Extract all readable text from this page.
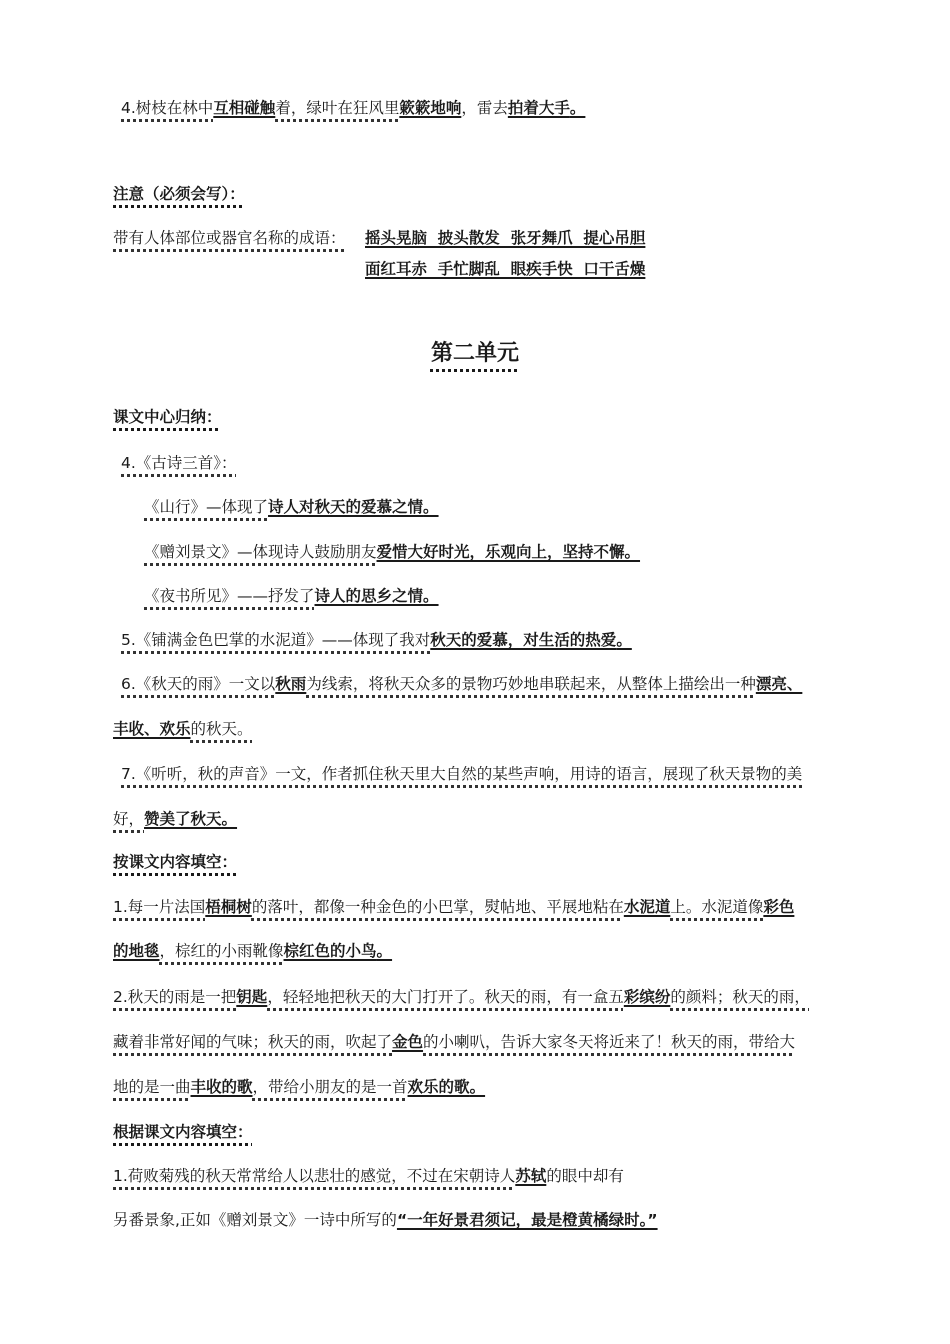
4.树枝在林中互相碰触着，绿叶在狂风里簌簌地响，雷去拍着大手。
注意（必须会写）：
带有人体部位或器官名称的成语： 摇头晃脑  披头散发  张牙舞爪  提心吊胆
面红耳赤  手忙脚乱  眼疾手快  口干舌燥
第二单元
课文中心归纳：
4.《古诗三首》：
《山行》—体现了诗人对秋天的爱慕之情。
《赠刘景文》—体现诗人鼓励朋友爱惜大好时光，乐观向上，坚持不懈。
《夜书所见》——抒发了诗人的思乡之情。
5.《铺满金色巴掌的水泥道》——体现了我对秋天的爱慕，对生活的热爱。
6.《秋天的雨》一文以秋雨为线索，将秋天众多的景物巧妙地串联起来，从整体上描绘出一种漂亮、
丰收、欢乐的秋天。
7.《听听，秋的声音》一文，作者抓住秋天里大自然的某些声响，用诗的语言，展现了秋天景物的美
好，赞美了秋天。
按课文内容填空：
1.每一片法国梧桐树的落叶，都像一种金色的小巴掌，熨帖地、平展地粘在水泥道上。水泥道像彩色
的地毯，棕红的小雨靴像棕红色的小鸟。
2.秋天的雨是一把钥匙，轻轻地把秋天的大门打开了。秋天的雨，有一盒五彩缤纷的颜料；秋天的雨，
藏着非常好闻的气味；秋天的雨，吹起了金色的小喇叭，告诉大家冬天将近来了！秋天的雨，带给大
地的是一曲丰收的歌，带给小朋友的是一首欢乐的歌。
根据课文内容填空：
1.荷败菊残的秋天常常给人以悲壮的感觉，不过在宋朝诗人苏轼的眼中却有
另番景象,正如《赠刘景文》一诗中所写的“一年好景君须记，最是橙黄橘绿时。”
